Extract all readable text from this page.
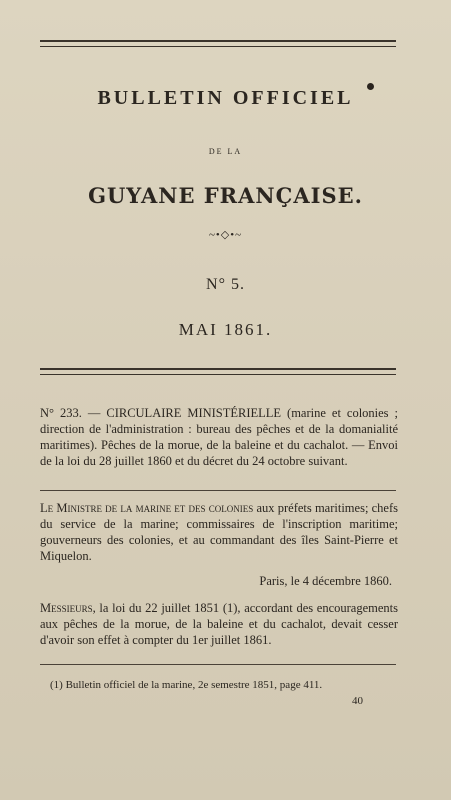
BULLETIN OFFICIEL
DE LA
GUYANE FRANÇAISE.
~•◇•~
N° 5.
MAI 1861.
N° 233. — CIRCULAIRE MINISTÉRIELLE (marine et colonies ; direction de l'administration : bureau des pêches et de la domanialité maritimes). Pêches de la morue, de la baleine et du cachalot. — Envoi de la loi du 28 juillet 1860 et du décret du 24 octobre suivant.
Le Ministre de la marine et des colonies aux préfets maritimes; chefs du service de la marine; commissaires de l'inscription maritime; gouverneurs des colonies, et au commandant des îles Saint-Pierre et Miquelon.
Paris, le 4 décembre 1860.
Messieurs, la loi du 22 juillet 1851 (1), accordant des encouragements aux pêches de la morue, de la baleine et du cachalot, devait cesser d'avoir son effet à compter du 1er juillet 1861.
(1) Bulletin officiel de la marine, 2e semestre 1851, page 411.
40
